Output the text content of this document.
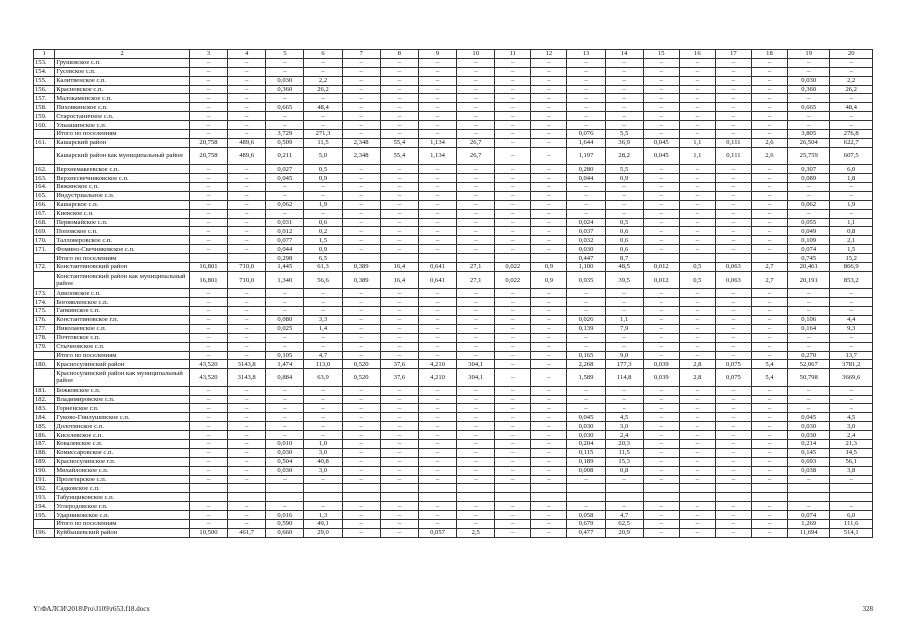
1	2	3	4	5	6	7	8	9	10	11	12	13	14	15	16	17	18	19	20
153.	Грушевское с.п.	–	–	–	–	–	–	–	–	–	–	–	–	–	–	–	–	–	–
154.	Гусевское с.п.	–	–	–	–	–	–	–	–	–	–	–	–	–	–	–	–	–	–
155.	Калитвенское с.п.	–	–	0,030	2,2	–	–	–	–	–	–	–	–	–	–	–	–	0,030	2,2
156.	Красновское с.п.	–	–	0,360	26,2	–	–	–	–	–	–	–	–	–	–	–	–	0,360	26,2
157.	Малокаменское с.п.	–	–	–	–	–	–	–	–	–	–	–	–	–	–	–	–	–	–
158.	Пиховкинское с.п.	–	–	0,665	48,4	–	–	–	–	–	–	–	–	–	–	–	–	0,665	48,4
159.	Старостаничное с.п.	–	–	–	–	–	–	–	–	–	–	–	–	–	–	–	–	–	–
160.	Улыашинское с.п.	–	–	–	–	–	–	–	–	–	–	–	–	–	–	–	–	–	–
	Итого по поселениям	–	–	3,729	271,3	–	–	–	–	–	–	0,076	5,5	–	–	–	–	3,805	276,8
161.	Кашарский район	20,758	489,6	0,509	11,5	2,348	55,4	1,134	26,7	–	–	1,644	36,9	0,045	1,1	0,111	2,6	26,504	622,7
	Кашарский район как муниципальный район	20,758	489,6	0,211	5,0	2,348	55,4	1,134	26,7	–	–	1,197	28,2	0,045	1,1	0,111	2,6	25,759	607,5
162.	Верхнемакеевское с.п.	–	–	0,027	0,5	–	–	–	–	–	–	0,280	5,5	–	–	–	–	0,307	6,0
163.	Верхнесвечниковское с.п.	–	–	0,045	0,9	–	–	–	–	–	–	0,044	0,9	–	–	–	–	0,089	1,8
164.	Вяжинское с.п.	–	–	–	–	–	–	–	–	–	–	–	–	–	–	–	–	–	–
165.	Индустриальное с.п.	–	–	–	–	–	–	–	–	–	–	–	–	–	–	–	–	–	–
166.	Кашарское с.п.	–	–	0,062	1,9	–	–	–	–	–	–	–	–	–	–	–	–	0,062	1,9
167.	Киевское с.п.	–	–	–	–	–	–	–	–	–	–	–	–	–	–	–	–	–	–
168.	Первомайское с.п.	–	–	0,031	0,6	–	–	–	–	–	–	0,024	0,5	–	–	–	–	0,055	1,1
169.	Поповское с.п.	–	–	0,012	0,2	–	–	–	–	–	–	0,037	0,6	–	–	–	–	0,049	0,8
170.	Талловеровское с.п.	–	–	0,077	1,5	–	–	–	–	–	–	0,032	0,6	–	–	–	–	0,109	2,1
171.	Фомино-Свечниковское с.п.	–	–	0,044	0,9	–	–	–	–	–	–	0,030	0,6	–	–	–	–	0,074	1,5
	Итого по поселениям			0,298	6,5							0,447	8,7					0,745	15,2
172.	Константиновский район	16,801	710,0	1,445	61,3	0,389	16,4	0,641	27,1	0,022	0,9	1,100	48,5	0,012	0,5	0,063	2,7	20,461	866,9
	Константиновский район как муниципальный район	16,801	710,0	1,340	56,6	0,389	16,4	0,641	27,1	0,022	0,9	0,935	39,5	0,012	0,5	0,063	2,7	20,191	853,2
173.	Авиловское с.п.	–	–	–	–	–	–	–	–	–	–	–	–	–	–	–	–	–	–
174.	Богоявленское с.п.	–	–	–	–	–	–	–	–	–	–	–	–	–	–	–	–	–	–
175.	Гапкинское с.п.	–	–	–	–	–	–	–	–	–	–	–	–	–	–	–	–	–	–
176.	Константиновское г.п.	–	–	0,080	3,3	–	–	–	–	–	–	0,026	1,1	–	–	–	–	0,106	4,4
177.	Николаевское с.п.	–	–	0,025	1,4	–	–	–	–	–	–	0,139	7,9	–	–	–	–	0,164	9,3
178.	Почтовское с.п.	–	–	–	–	–	–	–	–	–	–	–	–	–	–	–	–	–	–
179.	Стычновское с.п.	–	–	–	–	–	–	–	–	–	–	–	–	–	–	–	–	–	–
	Итого по поселениям	–	–	0,105	4,7	–	–	–	–	–	–	0,165	9,0	–	–	–	–	0,270	13,7
180.	Красносулинский район	43,520	3143,8	1,474	113,0	0,520	37,6	4,210	304,1	–	–	2,268	177,3	0,039	2,8	0,075	5,4	52,067	3781,2
	Красносулинский район как муниципальный район	43,520	3143,8	0,884	63,9	0,520	37,6	4,210	304,1	–	–	1,589	114,8	0,039	2,8	0,075	5,4	50,798	3669,6
181.	Божковское с.п.	–	–	–	–	–	–	–	–	–	–	–	–	–	–	–	–	–	–
182.	Владимировское с.п.	–	–	–	–	–	–	–	–	–	–	–	–	–	–	–	–	–	–
183.	Горненское г.п.	–	–	–	–	–	–	–	–	–	–	–	–	–	–	–	–	–	–
184.	Гуково-Гнилушевское с.п.	–	–	–	–	–	–	–	–	–	–	0,045	4,5	–	–	–	–	0,045	4,5
185.	Долотинское с.п.	–	–	–	–	–	–	–	–	–	–	0,030	3,0	–	–	–	–	0,030	3,0
186.	Киселевское с.п.	–	–	–	–	–	–	–	–	–	–	0,030	2,4	–	–	–	–	0,030	2,4
187.	Ковалевское с.п.	–	–	0,010	1,0	–	–	–	–	–	–	0,204	20,3	–	–	–	–	0,214	21,3
188.	Комиссаровское с.п.	–	–	0,030	3,0	–	–	–	–	–	–	0,115	11,5	–	–	–	–	0,145	14,5
189.	Красносулинское г.п.	–	–	0,504	40,8	–	–	–	–	–	–	0,189	15,3	–	–	–	–	0,693	56,1
190.	Михайловское с.п.	–	–	0,030	3,0	–	–	–	–	–	–	0,008	0,8	–	–	–	–	0,038	3,8
191.	Пролетарское с.п.	–	–	–	–	–	–	–	–	–	–	–	–	–	–	–	–	–	–
192.	Садковское с.п.																		
193.	Табунщиковское с.п.																		
194.	Углеродовское г.п.	–	–	–	–	–	–	–	–	–	–	–	–	–	–	–	–	–	–
195.	Ударниковское с.п.	–	–	0,016	1,3	–	–	–	–	–	–	0,058	4,7	–	–	–	–	0,074	6,0
	Итого по поселениям	–	–	0,590	49,1	–	–	–	–	–	–	0,679	62,5	–	–	–	–	1,269	111,6
196.	Куйбышевский район	10,500	461,7	0,660	29,0	–	–	0,057	2,5	–	–	0,477	20,9	–	–	–	–	11,694	514,1
Y:\ФАЛСИ\2018\Pro\J109\r653.f18.docx	328
